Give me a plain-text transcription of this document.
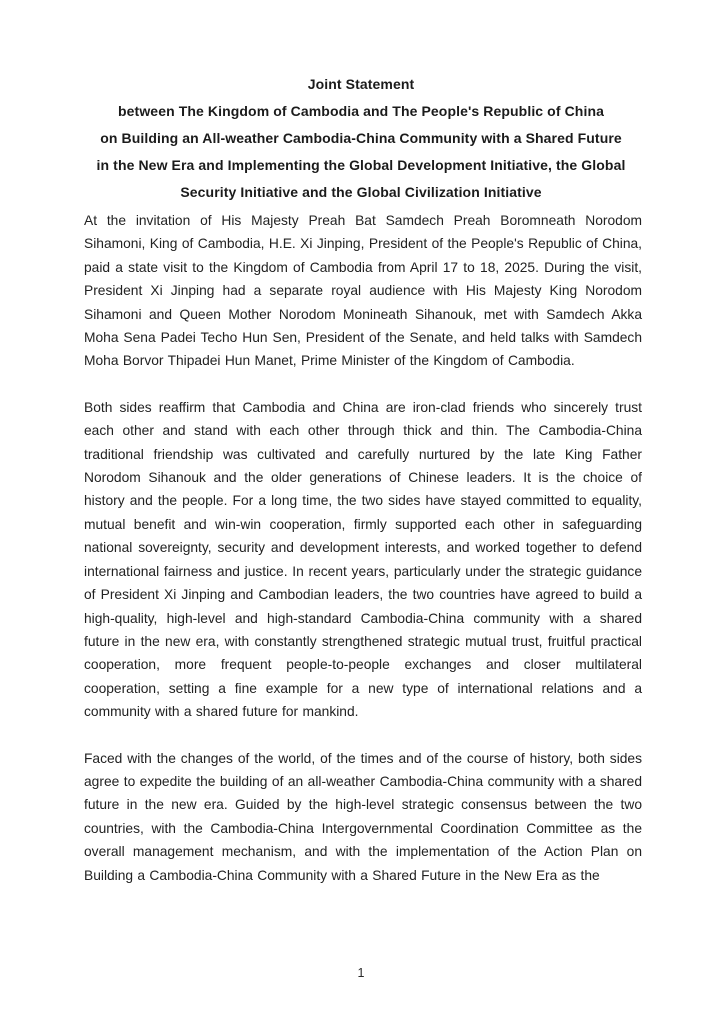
Joint Statement
between The Kingdom of Cambodia and The People's Republic of China
on Building an All-weather Cambodia-China Community with a Shared Future
in the New Era and Implementing the Global Development Initiative, the Global
Security Initiative and the Global Civilization Initiative

At the invitation of His Majesty Preah Bat Samdech Preah Boromneath Norodom Sihamoni, King of Cambodia, H.E. Xi Jinping, President of the People's Republic of China, paid a state visit to the Kingdom of Cambodia from April 17 to 18, 2025. During the visit, President Xi Jinping had a separate royal audience with His Majesty King Norodom Sihamoni and Queen Mother Norodom Monineath Sihanouk, met with Samdech Akka Moha Sena Padei Techo Hun Sen, President of the Senate, and held talks with Samdech Moha Borvor Thipadei Hun Manet, Prime Minister of the Kingdom of Cambodia.

Both sides reaffirm that Cambodia and China are iron-clad friends who sincerely trust each other and stand with each other through thick and thin. The Cambodia-China traditional friendship was cultivated and carefully nurtured by the late King Father Norodom Sihanouk and the older generations of Chinese leaders. It is the choice of history and the people. For a long time, the two sides have stayed committed to equality, mutual benefit and win-win cooperation, firmly supported each other in safeguarding national sovereignty, security and development interests, and worked together to defend international fairness and justice. In recent years, particularly under the strategic guidance of President Xi Jinping and Cambodian leaders, the two countries have agreed to build a high-quality, high-level and high-standard Cambodia-China community with a shared future in the new era, with constantly strengthened strategic mutual trust, fruitful practical cooperation, more frequent people-to-people exchanges and closer multilateral cooperation, setting a fine example for a new type of international relations and a community with a shared future for mankind.

Faced with the changes of the world, of the times and of the course of history, both sides agree to expedite the building of an all-weather Cambodia-China community with a shared future in the new era. Guided by the high-level strategic consensus between the two countries, with the Cambodia-China Intergovernmental Coordination Committee as the overall management mechanism, and with the implementation of the Action Plan on Building a Cambodia-China Community with a Shared Future in the New Era as the

1
